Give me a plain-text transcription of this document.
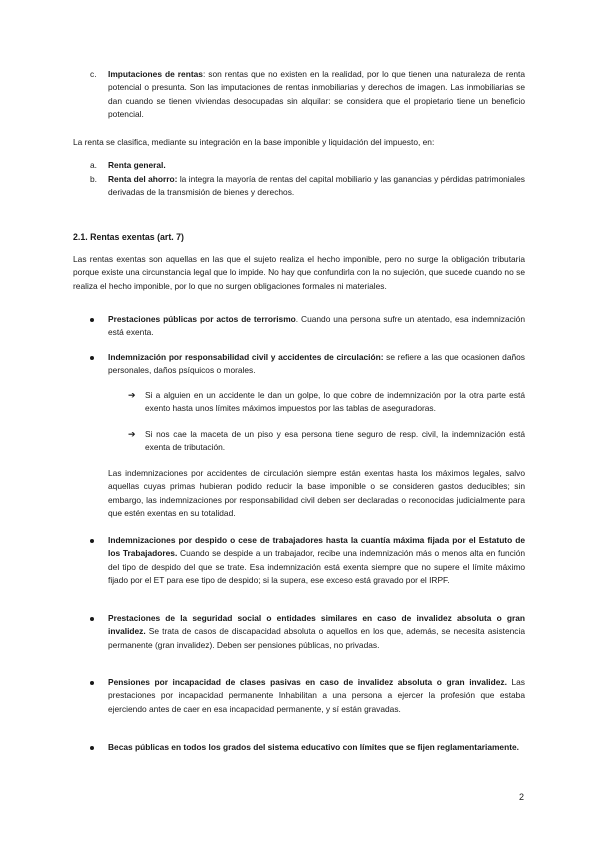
c. Imputaciones de rentas: son rentas que no existen en la realidad, por lo que tienen una naturaleza de renta potencial o presunta. Son las imputaciones de rentas inmobiliarias y derechos de imagen. Las inmobiliarias se dan cuando se tienen viviendas desocupadas sin alquilar: se considera que el propietario tiene un beneficio potencial.

La renta se clasifica, mediante su integración en la base imponible y liquidación del impuesto, en:

a. Renta general.

b. Renta del ahorro: la integra la mayoría de rentas del capital mobiliario y las ganancias y pérdidas patrimoniales derivadas de la transmisión de bienes y derechos.

2.1. Rentas exentas (art. 7)

Las rentas exentas son aquellas en las que el sujeto realiza el hecho imponible, pero no surge la obligación tributaria porque existe una circunstancia legal que lo impide. No hay que confundirla con la no sujeción, que sucede cuando no se realiza el hecho imponible, por lo que no surgen obligaciones formales ni materiales.

Prestaciones públicas por actos de terrorismo. Cuando una persona sufre un atentado, esa indemnización está exenta.

Indemnización por responsabilidad civil y accidentes de circulación: se refiere a las que ocasionen daños personales, daños psíquicos o morales.

➔ Si a alguien en un accidente le dan un golpe, lo que cobre de indemnización por la otra parte está exento hasta unos límites máximos impuestos por las tablas de aseguradoras.

➔ Si nos cae la maceta de un piso y esa persona tiene seguro de resp. civil, la indemnización está exenta de tributación.

Las indemnizaciones por accidentes de circulación siempre están exentas hasta los máximos legales, salvo aquellas cuyas primas hubieran podido reducir la base imponible o se consideren gastos deducibles; sin embargo, las indemnizaciones por responsabilidad civil deben ser declaradas o reconocidas judicialmente para que estén exentas en su totalidad.

Indemnizaciones por despido o cese de trabajadores hasta la cuantía máxima fijada por el Estatuto de los Trabajadores. Cuando se despide a un trabajador, recibe una indemnización más o menos alta en función del tipo de despido del que se trate. Esa indemnización está exenta siempre que no supere el límite máximo fijado por el ET para ese tipo de despido; si la supera, ese exceso está gravado por el IRPF.

Prestaciones de la seguridad social o entidades similares en caso de invalidez absoluta o gran invalidez. Se trata de casos de discapacidad absoluta o aquellos en los que, además, se necesita asistencia permanente (gran invalidez). Deben ser pensiones públicas, no privadas.

Pensiones por incapacidad de clases pasivas en caso de invalidez absoluta o gran invalidez. Las prestaciones por incapacidad permanente Inhabilitan a una persona a ejercer la profesión que estaba ejerciendo antes de caer en esa incapacidad permanente, y sí están gravadas.

Becas públicas en todos los grados del sistema educativo con límites que se fijen reglamentariamente.

2
